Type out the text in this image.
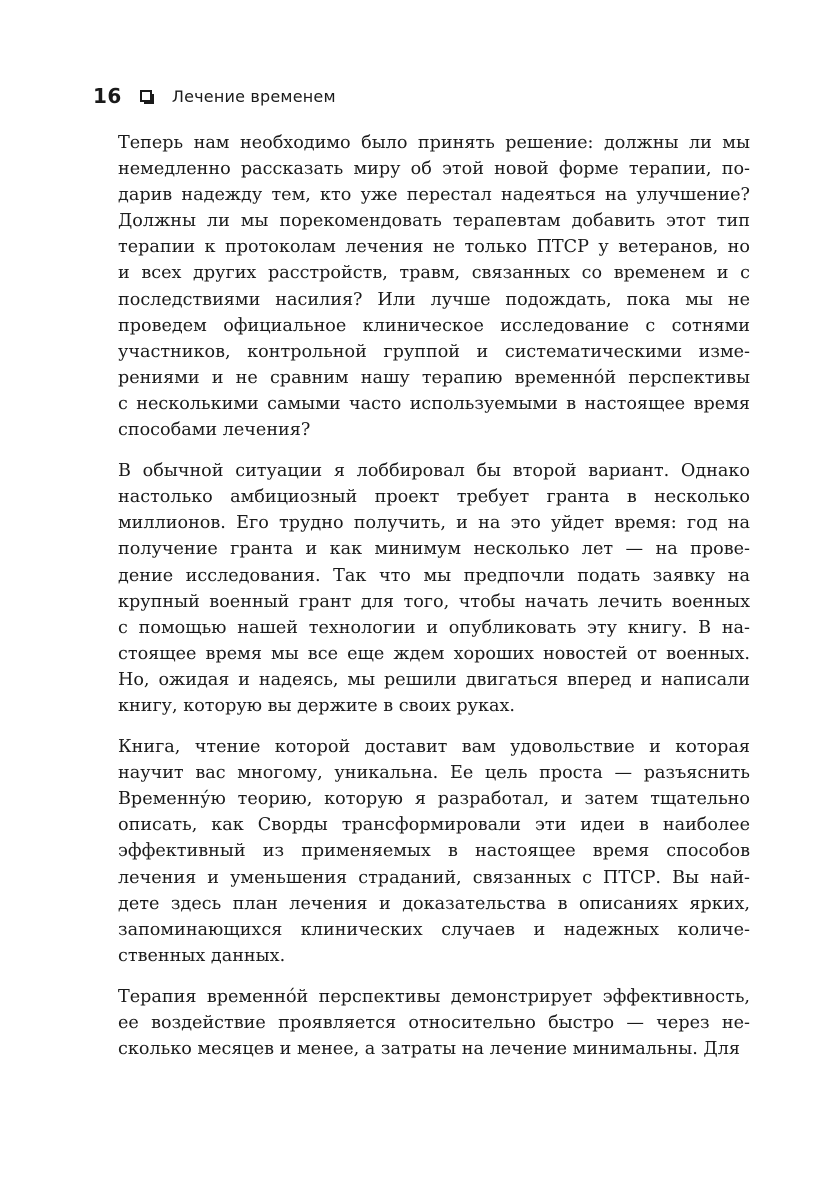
16	Лечение временем

Теперь нам необходимо было принять решение: должны ли мы
немедленно рассказать миру об этой новой форме терапии, по-
дарив надежду тем, кто уже перестал надеяться на улучшение?
Должны ли мы порекомендовать терапевтам добавить этот тип
терапии к протоколам лечения не только ПТСР у ветеранов, но
и всех других расстройств, травм, связанных со временем и с
последствиями насилия? Или лучше подождать, пока мы не
проведем официальное клиническое исследование с сотнями
участников, контрольной группой и систематическими изме-
рениями и не сравним нашу терапию временно́й перспективы
с несколькими самыми часто используемыми в настоящее время
способами лечения?

В обычной ситуации я лоббировал бы второй вариант. Однако
настолько амбициозный проект требует гранта в несколько
миллионов. Его трудно получить, и на это уйдет время: год на
получение гранта и как минимум несколько лет — на прове-
дение исследования. Так что мы предпочли подать заявку на
крупный военный грант для того, чтобы начать лечить военных
с помощью нашей технологии и опубликовать эту книгу. В на-
стоящее время мы все еще ждем хороших новостей от военных.
Но, ожидая и надеясь, мы решили двигаться вперед и написали
книгу, которую вы держите в своих руках.

Книга, чтение которой доставит вам удовольствие и которая
научит вас многому, уникальна. Ее цель проста — разъяснить
Временну́ю теорию, которую я разработал, и затем тщательно
описать, как Сворды трансформировали эти идеи в наиболее
эффективный из применяемых в настоящее время способов
лечения и уменьшения страданий, связанных с ПТСР. Вы най-
дете здесь план лечения и доказательства в описаниях ярких,
запоминающихся клинических случаев и надежных количе-
ственных данных.

Терапия временно́й перспективы демонстрирует эффективность,
ее воздействие проявляется относительно быстро — через не-
сколько месяцев и менее, а затраты на лечение минимальны. Для
